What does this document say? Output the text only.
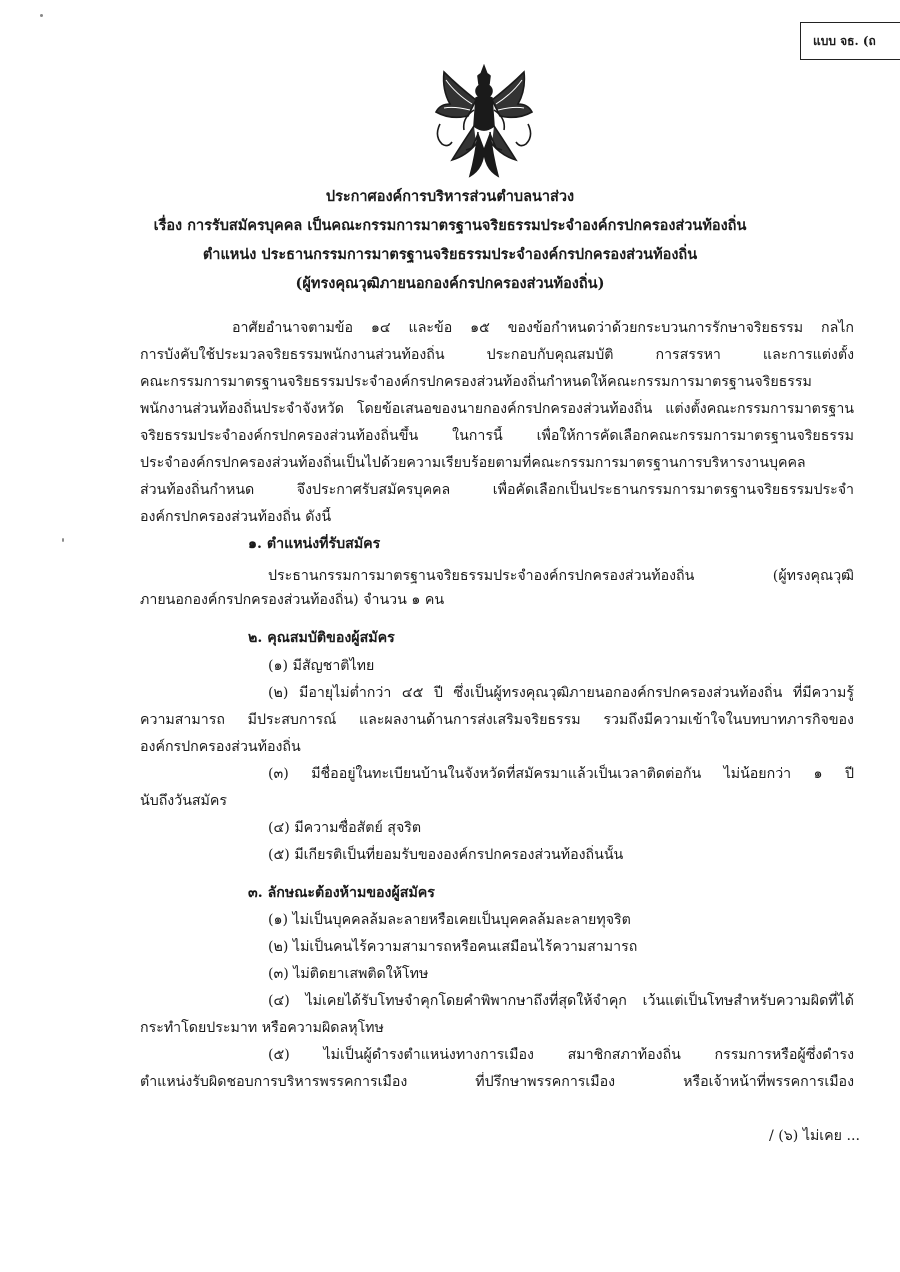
แบบ จธ. (ถ
ประกาศองค์การบริหารส่วนตำบลนาส่วง
เรื่อง การรับสมัครบุคคล เป็นคณะกรรมการมาตรฐานจริยธรรมประจำองค์กรปกครองส่วนท้องถิ่น
ตำแหน่ง ประธานกรรมการมาตรฐานจริยธรรมประจำองค์กรปกครองส่วนท้องถิ่น
(ผู้ทรงคุณวุฒิภายนอกองค์กรปกครองส่วนท้องถิ่น)
อาศัยอำนาจตามข้อ ๑๔ และข้อ ๑๕ ของข้อกำหนดว่าด้วยกระบวนการรักษาจริยธรรม กลไก
การบังคับใช้ประมวลจริยธรรมพนักงานส่วนท้องถิ่น ประกอบกับคุณสมบัติ การสรรหา และการแต่งตั้ง
คณะกรรมการมาตรฐานจริยธรรมประจำองค์กรปกครองส่วนท้องถิ่นกำหนดให้คณะกรรมการมาตรฐานจริยธรรม
พนักงานส่วนท้องถิ่นประจำจังหวัด โดยข้อเสนอของนายกองค์กรปกครองส่วนท้องถิ่น แต่งตั้งคณะกรรมการมาตรฐาน
จริยธรรมประจำองค์กรปกครองส่วนท้องถิ่นขึ้น ในการนี้ เพื่อให้การคัดเลือกคณะกรรมการมาตรฐานจริยธรรม
ประจำองค์กรปกครองส่วนท้องถิ่นเป็นไปด้วยความเรียบร้อยตามที่คณะกรรมการมาตรฐานการบริหารงานบุคคล
ส่วนท้องถิ่นกำหนด จึงประกาศรับสมัครบุคคล เพื่อคัดเลือกเป็นประธานกรรมการมาตรฐานจริยธรรมประจำ
องค์กรปกครองส่วนท้องถิ่น ดังนี้
๑. ตำแหน่งที่รับสมัคร
ประธานกรรมการมาตรฐานจริยธรรมประจำองค์กรปกครองส่วนท้องถิ่น (ผู้ทรงคุณวุฒิ
ภายนอกองค์กรปกครองส่วนท้องถิ่น) จำนวน ๑ คน
๒. คุณสมบัติของผู้สมัคร
(๑) มีสัญชาติไทย
(๒) มีอายุไม่ต่ำกว่า ๔๕ ปี ซึ่งเป็นผู้ทรงคุณวุฒิภายนอกองค์กรปกครองส่วนท้องถิ่น ที่มีความรู้
ความสามารถ มีประสบการณ์ และผลงานด้านการส่งเสริมจริยธรรม รวมถึงมีความเข้าใจในบทบาทภารกิจของ
องค์กรปกครองส่วนท้องถิ่น
(๓) มีชื่ออยู่ในทะเบียนบ้านในจังหวัดที่สมัครมาแล้วเป็นเวลาติดต่อกัน ไม่น้อยกว่า ๑ ปี
นับถึงวันสมัคร
(๔) มีความซื่อสัตย์ สุจริต
(๕) มีเกียรติเป็นที่ยอมรับขององค์กรปกครองส่วนท้องถิ่นนั้น
๓. ลักษณะต้องห้ามของผู้สมัคร
(๑) ไม่เป็นบุคคลล้มละลายหรือเคยเป็นบุคคลล้มละลายทุจริต
(๒) ไม่เป็นคนไร้ความสามารถหรือคนเสมือนไร้ความสามารถ
(๓) ไม่ติดยาเสพติดให้โทษ
(๔) ไม่เคยได้รับโทษจำคุกโดยคำพิพากษาถึงที่สุดให้จำคุก เว้นแต่เป็นโทษสำหรับความผิดที่ได้
กระทำโดยประมาท หรือความผิดลหุโทษ
(๕) ไม่เป็นผู้ดำรงตำแหน่งทางการเมือง สมาชิกสภาท้องถิ่น กรรมการหรือผู้ซึ่งดำรง
ตำแหน่งรับผิดชอบการบริหารพรรคการเมือง ที่ปรึกษาพรรคการเมือง หรือเจ้าหน้าที่พรรคการเมือง
/ (๖) ไม่เคย ...
